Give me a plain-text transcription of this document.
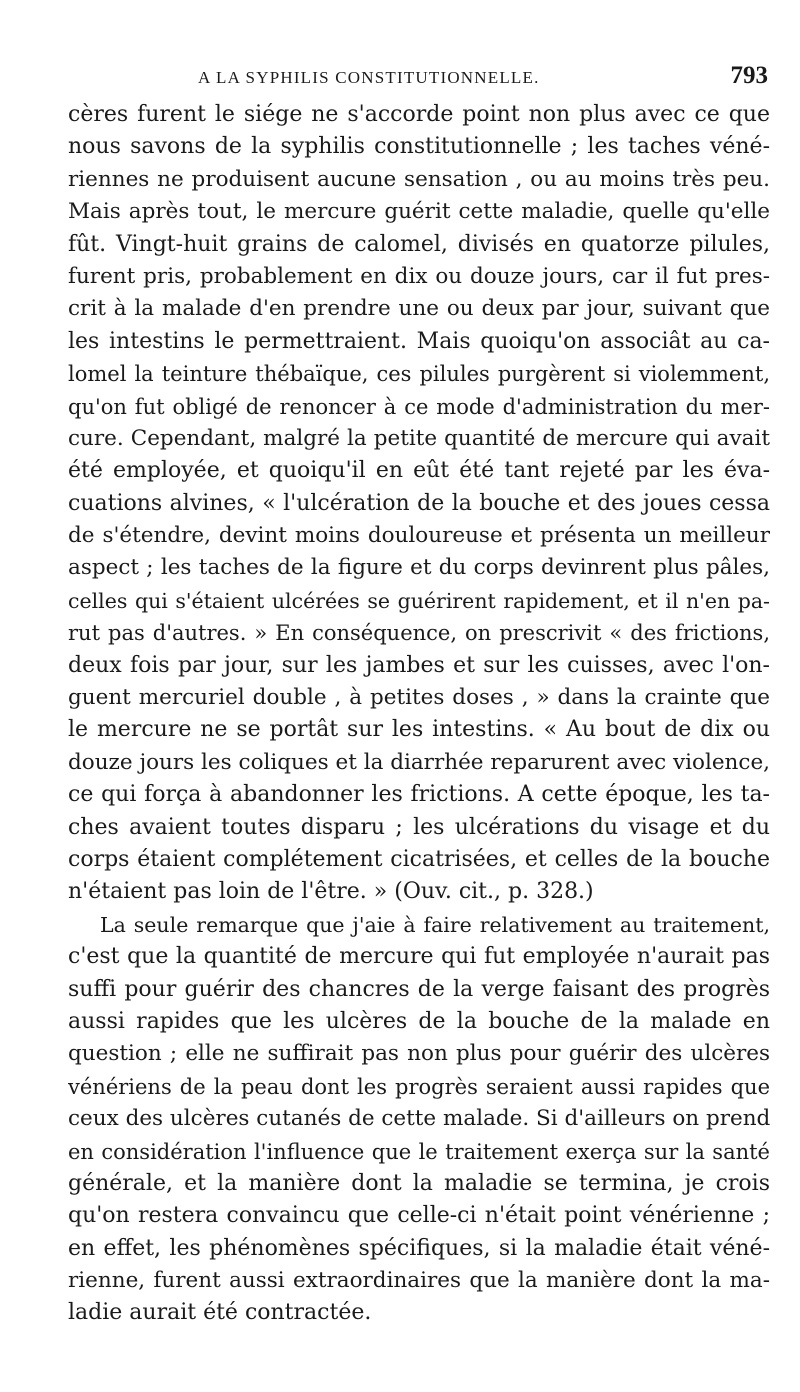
A LA SYPHILIS CONSTITUTIONNELLE.	793
cères furent le siége ne s'accorde point non plus avec ce que
nous savons de la syphilis constitutionnelle ; les taches véné-
riennes ne produisent aucune sensation , ou au moins très peu.
Mais après tout, le mercure guérit cette maladie, quelle qu'elle
fût. Vingt-huit grains de calomel, divisés en quatorze pilules,
furent pris, probablement en dix ou douze jours, car il fut pres-
crit à la malade d'en prendre une ou deux par jour, suivant que
les intestins le permettraient. Mais quoiqu'on associât au ca-
lomel la teinture thébaïque, ces pilules purgèrent si violemment,
qu'on fut obligé de renoncer à ce mode d'administration du mer-
cure. Cependant, malgré la petite quantité de mercure qui avait
été employée, et quoiqu'il en eût été tant rejeté par les éva-
cuations alvines, « l'ulcération de la bouche et des joues cessa
de s'étendre, devint moins douloureuse et présenta un meilleur
aspect ; les taches de la figure et du corps devinrent plus pâles,
celles qui s'étaient ulcérées se guérirent rapidement, et il n'en pa-
rut pas d'autres. » En conséquence, on prescrivit « des frictions,
deux fois par jour, sur les jambes et sur les cuisses, avec l'on-
guent mercuriel double , à petites doses , » dans la crainte que
le mercure ne se portât sur les intestins. « Au bout de dix ou
douze jours les coliques et la diarrhée reparurent avec violence,
ce qui força à abandonner les frictions. A cette époque, les ta-
ches avaient toutes disparu ; les ulcérations du visage et du
corps étaient complétement cicatrisées, et celles de la bouche
n'étaient pas loin de l'être. » (Ouv. cit., p. 328.)
La seule remarque que j'aie à faire relativement au traitement,
c'est que la quantité de mercure qui fut employée n'aurait pas
suffi pour guérir des chancres de la verge faisant des progrès
aussi rapides que les ulcères de la bouche de la malade en
question ; elle ne suffirait pas non plus pour guérir des ulcères
vénériens de la peau dont les progrès seraient aussi rapides que
ceux des ulcères cutanés de cette malade. Si d'ailleurs on prend
en considération l'influence que le traitement exerça sur la santé
générale, et la manière dont la maladie se termina, je crois
qu'on restera convaincu que celle-ci n'était point vénérienne ;
en effet, les phénomènes spécifiques, si la maladie était véné-
rienne, furent aussi extraordinaires que la manière dont la ma-
ladie aurait été contractée.
